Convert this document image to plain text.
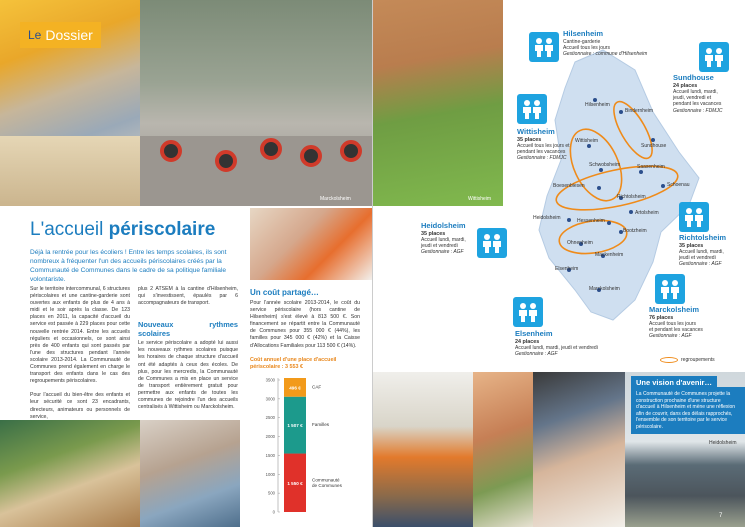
Marckolsheim
Le Dossier
L'accueil périscolaire

Déjà la rentrée pour les écoliers ! Entre les temps scolaires, ils sont nombreux à fréquenter l'un des accueils périscolaires créés par la Communauté de Communes dans le cadre de sa politique familiale volontariste.

Sur le territoire intercommunal, 6 structures périscolaires et une cantine-garderie sont ouvertes aux enfants de plus de 4 ans à midi et le soir après la classe. De 123 places en 2011, la capacité d'accueil du service est passée à 229 places pour cette nouvelle rentrée 2014. Entre les accueils réguliers et occasionnels, ce sont ainsi près de 400 enfants qui sont passés par l'une des structures pendant l'année scolaire 2013-2014. La Communauté de Communes prend également en charge le transport des enfants dans le cas des regroupements périscolaires.

Pour l'accueil du bien-être des enfants et leur sécurité ce sont 23 encadrants, directeurs, animateurs ou personnels de service,

plus 2 ATSEM à la cantine d'Hilsenheim, qui s'investissent, épaulés par 6 accompagnateurs de transport.

Nouveaux rythmes scolaires

Le service périscolaire a adopté lui aussi les nouveaux rythmes scolaires puisque les horaires de chaque structure d'accueil ont été adaptés à ceux des écoles. De plus, pour les mercredis, la Communauté de Communes a mis en place un service de transport entièrement gratuit pour permettre aux enfants de toutes les communes de rejoindre l'un des accueils centralisés à Wittisheim ou Marckolsheim.

Un coût partagé…
Pour l'année scolaire 2013-2014, le coût du service périscolaire (hors cantine de Hilsenheim) s'est élevé à 813 500 €. Son financement se répartit entre la Communauté de Communes pour 355 000 € (44%), les familles pour 345 000 € (42%) et la Caisse d'Allocations Familiales pour 113 500 € (14%).
Coût annuel d'une place d'accueil périscolaire : 3 553 €
0
500
1000
1500
2000
2500
3000
3500
1 550 €
Communauté
de Communes
1 507 € Familles
496 € CAF
Wittisheim
Hilsenheim
Bindernheim
Wittisheim
Sundhouse
Schwobsheim	Saasenheim
Boesenbiesen	Schoenau
Richtolsheim
Artolsheim
Heidolsheim	Hessenheim
Bootzheim
Ohnenheim
Mackenheim
Elsenheim
Marckolsheim
Hilsenheim
Cantine-garderie
Accueil tous les jours
Gestionnaire : commune d'Hilsenheim
Sundhouse
24 places
Accueil lundi, mardi,
jeudi, vendredi et
pendant les vacances
Gestionnaire : FDMJC
Wittisheim
35 places
Accueil tous les jours et
pendant les vacances
Gestionnaire : FDMJC
Richtolsheim
35 places
Accueil lundi, mardi,
jeudi et vendredi
Gestionnaire : AGF
Marckolsheim
76 places
Accueil tous les jours
et pendant les vacances
Gestionnaire : AGF
Elsenheim
24 places
Accueil lundi, mardi, jeudi et vendredi
Gestionnaire : AGF
Heidolsheim
35 places
Accueil lundi, mardi,
jeudi et vendredi
Gestionnaire : AGF
Heidolsheim
Une vision d'avenir…
La Communauté de Communes projette la construction prochaine d'une structure d'accueil à Hilsenheim et mène une réflexion afin de couvrir, dans des délais rapprochés, l'ensemble de son territoire par le service périscolaire.
7
regroupements
